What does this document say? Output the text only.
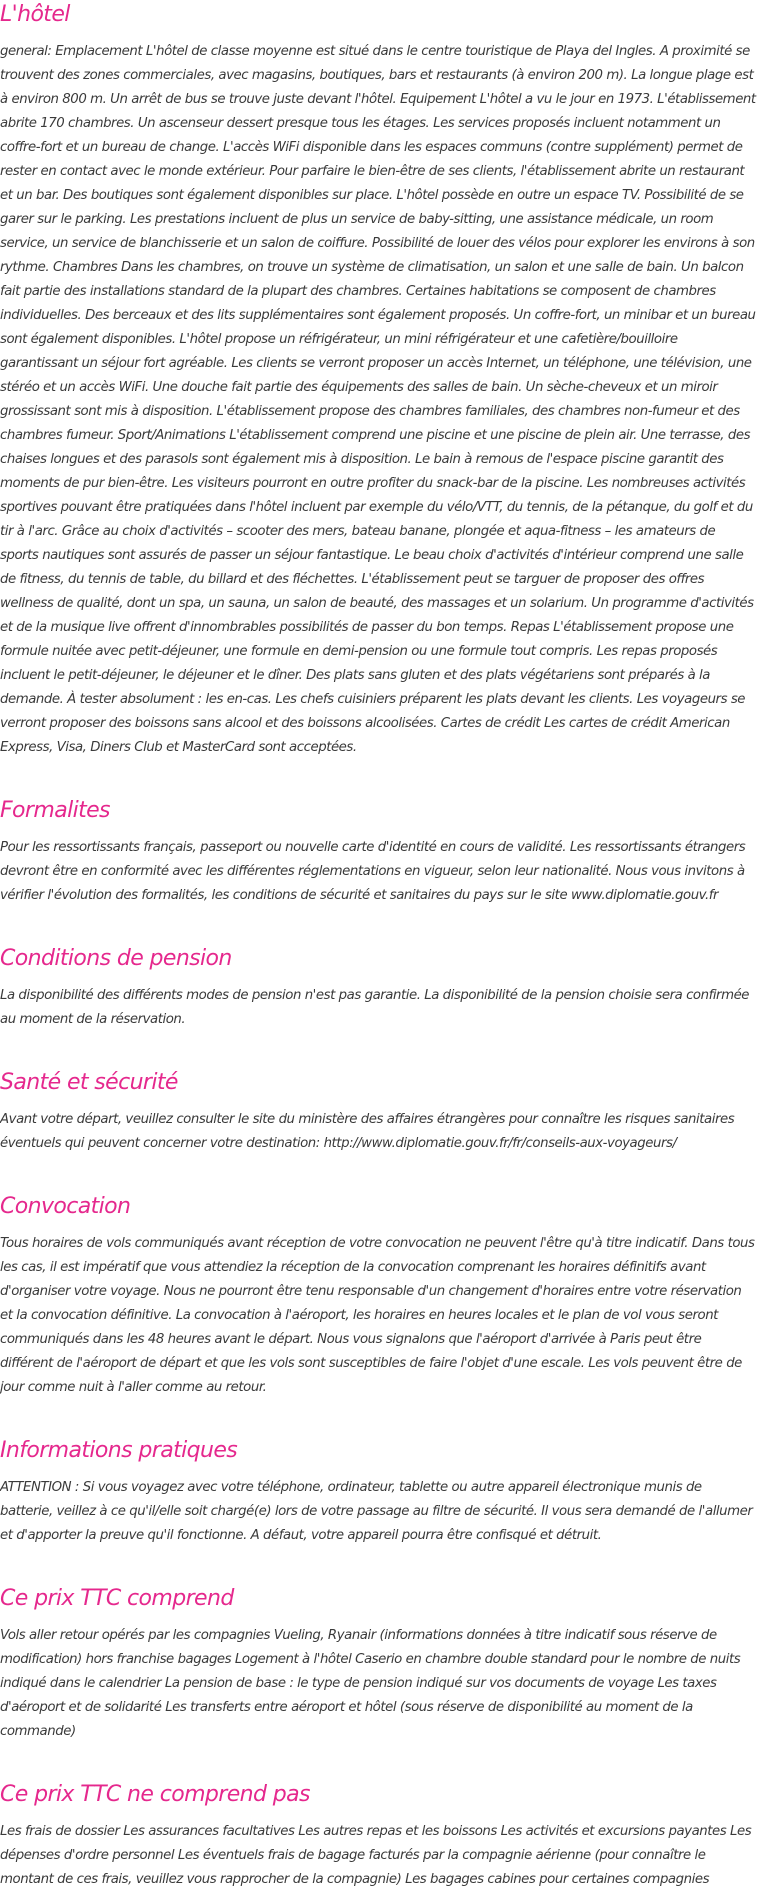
L'hôtel

general: Emplacement L'hôtel de classe moyenne est situé dans le centre touristique de Playa del Ingles. A proximité se trouvent des zones commerciales, avec magasins, boutiques, bars et restaurants (à environ 200 m). La longue plage est à environ 800 m. Un arrêt de bus se trouve juste devant l'hôtel. Equipement L'hôtel a vu le jour en 1973. L'établissement abrite 170 chambres. Un ascenseur dessert presque tous les étages. Les services proposés incluent notamment un coffre-fort et un bureau de change. L'accès WiFi disponible dans les espaces communs (contre supplément) permet de rester en contact avec le monde extérieur. Pour parfaire le bien-être de ses clients, l'établissement abrite un restaurant et un bar. Des boutiques sont également disponibles sur place. L'hôtel possède en outre un espace TV. Possibilité de se garer sur le parking. Les prestations incluent de plus un service de baby-sitting, une assistance médicale, un room service, un service de blanchisserie et un salon de coiffure. Possibilité de louer des vélos pour explorer les environs à son rythme. Chambres Dans les chambres, on trouve un système de climatisation, un salon et une salle de bain. Un balcon fait partie des installations standard de la plupart des chambres. Certaines habitations se composent de chambres individuelles. Des berceaux et des lits supplémentaires sont également proposés. Un coffre-fort, un minibar et un bureau sont également disponibles. L'hôtel propose un réfrigérateur, un mini réfrigérateur et une cafetière/bouilloire garantissant un séjour fort agréable. Les clients se verront proposer un accès Internet, un téléphone, une télévision, une stéréo et un accès WiFi. Une douche fait partie des équipements des salles de bain. Un sèche-cheveux et un miroir grossissant sont mis à disposition. L'établissement propose des chambres familiales, des chambres non-fumeur et des chambres fumeur. Sport/Animations L'établissement comprend une piscine et une piscine de plein air. Une terrasse, des chaises longues et des parasols sont également mis à disposition. Le bain à remous de l'espace piscine garantit des moments de pur bien-être. Les visiteurs pourront en outre profiter du snack-bar de la piscine. Les nombreuses activités sportives pouvant être pratiquées dans l'hôtel incluent par exemple du vélo/VTT, du tennis, de la pétanque, du golf et du tir à l'arc. Grâce au choix d'activités – scooter des mers, bateau banane, plongée et aqua-fitness – les amateurs de sports nautiques sont assurés de passer un séjour fantastique. Le beau choix d'activités d'intérieur comprend une salle de fitness, du tennis de table, du billard et des fléchettes. L'établissement peut se targuer de proposer des offres wellness de qualité, dont un spa, un sauna, un salon de beauté, des massages et un solarium. Un programme d'activités et de la musique live offrent d'innombrables possibilités de passer du bon temps. Repas L'établissement propose une formule nuitée avec petit-déjeuner, une formule en demi-pension ou une formule tout compris. Les repas proposés incluent le petit-déjeuner, le déjeuner et le dîner. Des plats sans gluten et des plats végétariens sont préparés à la demande. À tester absolument : les en-cas. Les chefs cuisiniers préparent les plats devant les clients. Les voyageurs se verront proposer des boissons sans alcool et des boissons alcoolisées. Cartes de crédit Les cartes de crédit American Express, Visa, Diners Club et MasterCard sont acceptées.

Formalites

Pour les ressortissants français, passeport ou nouvelle carte d'identité en cours de validité. Les ressortissants étrangers devront être en conformité avec les différentes réglementations en vigueur, selon leur nationalité. Nous vous invitons à vérifier l'évolution des formalités, les conditions de sécurité et sanitaires du pays sur le site www.diplomatie.gouv.fr

Conditions de pension

La disponibilité des différents modes de pension n'est pas garantie. La disponibilité de la pension choisie sera confirmée au moment de la réservation.

Santé et sécurité

Avant votre départ, veuillez consulter le site du ministère des affaires étrangères pour connaître les risques sanitaires éventuels qui peuvent concerner votre destination: http://www.diplomatie.gouv.fr/fr/conseils-aux-voyageurs/

Convocation

Tous horaires de vols communiqués avant réception de votre convocation ne peuvent l'être qu'à titre indicatif. Dans tous les cas, il est impératif que vous attendiez la réception de la convocation comprenant les horaires définitifs avant d'organiser votre voyage. Nous ne pourront être tenu responsable d'un changement d'horaires entre votre réservation et la convocation définitive. La convocation à l'aéroport, les horaires en heures locales et le plan de vol vous seront communiqués dans les 48 heures avant le départ. Nous vous signalons que l'aéroport d'arrivée à Paris peut être différent de l'aéroport de départ et que les vols sont susceptibles de faire l'objet d'une escale. Les vols peuvent être de jour comme nuit à l'aller comme au retour.

Informations pratiques

ATTENTION : Si vous voyagez avec votre téléphone, ordinateur, tablette ou autre appareil électronique munis de batterie, veillez à ce qu'il/elle soit chargé(e) lors de votre passage au filtre de sécurité. Il vous sera demandé de l'allumer et d'apporter la preuve qu'il fonctionne. A défaut, votre appareil pourra être confisqué et détruit.

Ce prix TTC comprend

Vols aller retour opérés par les compagnies Vueling, Ryanair (informations données à titre indicatif sous réserve de modification) hors franchise bagages Logement à l'hôtel Caserio en chambre double standard pour le nombre de nuits indiqué dans le calendrier La pension de base : le type de pension indiqué sur vos documents de voyage Les taxes d'aéroport et de solidarité Les transferts entre aéroport et hôtel (sous réserve de disponibilité au moment de la commande)

Ce prix TTC ne comprend pas

Les frais de dossier Les assurances facultatives Les autres repas et les boissons Les activités et excursions payantes Les dépenses d'ordre personnel Les éventuels frais de bagage facturés par la compagnie aérienne (pour connaître le montant de ces frais, veuillez vous rapprocher de la compagnie) Les bagages cabines pour certaines compagnies
